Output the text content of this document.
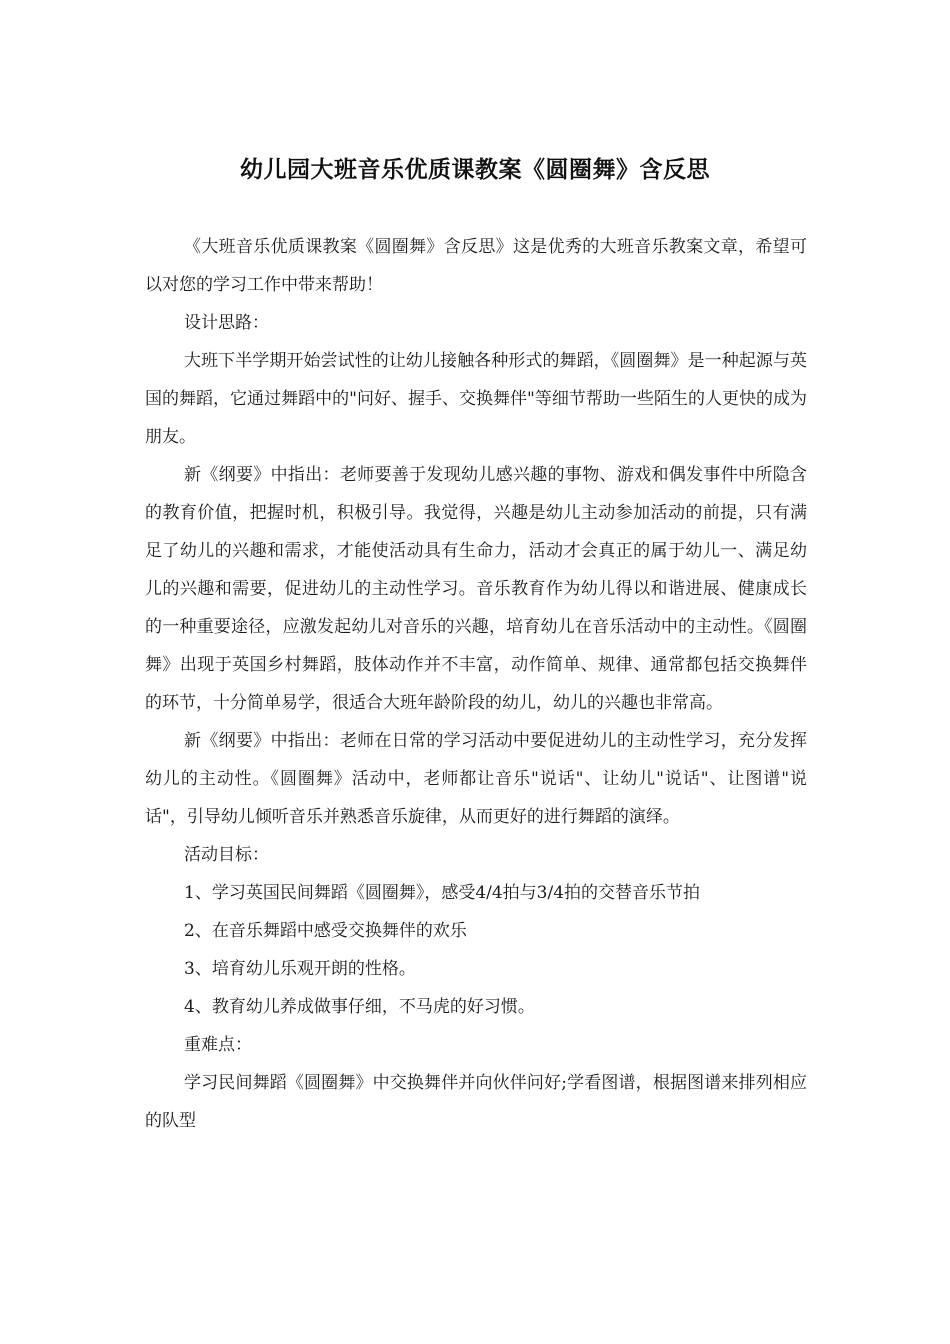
幼儿园大班音乐优质课教案《圆圈舞》含反思

《大班音乐优质课教案《圆圈舞》含反思》这是优秀的大班音乐教案文章，希望可以对您的学习工作中带来帮助！

设计思路：

大班下半学期开始尝试性的让幼儿接触各种形式的舞蹈，《圆圈舞》是一种起源与英国的舞蹈，它通过舞蹈中的"问好、握手、交换舞伴"等细节帮助一些陌生的人更快的成为朋友。

新《纲要》中指出：老师要善于发现幼儿感兴趣的事物、游戏和偶发事件中所隐含的教育价值，把握时机，积极引导。我觉得，兴趣是幼儿主动参加活动的前提，只有满足了幼儿的兴趣和需求，才能使活动具有生命力，活动才会真正的属于幼儿一、满足幼儿的兴趣和需要，促进幼儿的主动性学习。音乐教育作为幼儿得以和谐进展、健康成长的一种重要途径，应激发起幼儿对音乐的兴趣，培育幼儿在音乐活动中的主动性。《圆圈舞》出现于英国乡村舞蹈，肢体动作并不丰富，动作简单、规律、通常都包括交换舞伴的环节，十分简单易学，很适合大班年龄阶段的幼儿，幼儿的兴趣也非常高。

新《纲要》中指出：老师在日常的学习活动中要促进幼儿的主动性学习，充分发挥幼儿的主动性。《圆圈舞》活动中，老师都让音乐"说话"、让幼儿"说话"、让图谱"说话"，引导幼儿倾听音乐并熟悉音乐旋律，从而更好的进行舞蹈的演绎。

活动目标：

1、学习英国民间舞蹈《圆圈舞》，感受4/4拍与3/4拍的交替音乐节拍

2、在音乐舞蹈中感受交换舞伴的欢乐

3、培育幼儿乐观开朗的性格。

4、教育幼儿养成做事仔细，不马虎的好习惯。

重难点：

学习民间舞蹈《圆圈舞》中交换舞伴并向伙伴问好;学看图谱，根据图谱来排列相应的队型
